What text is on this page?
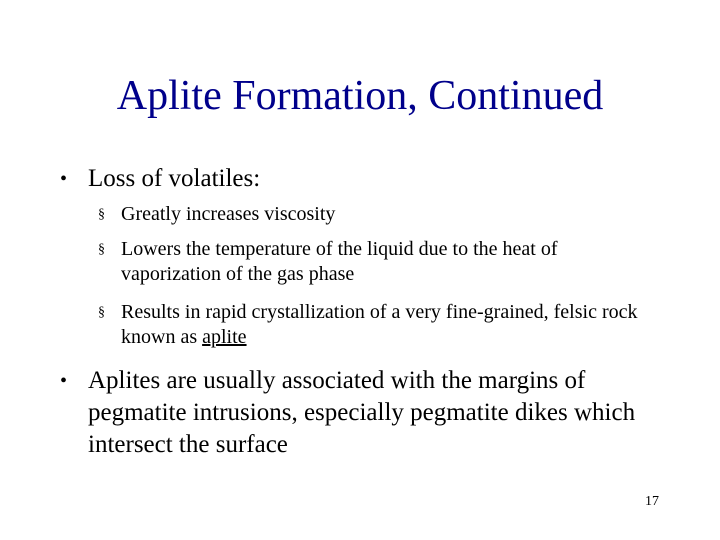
Aplite Formation, Continued
• Loss of volatiles:
§ Greatly increases viscosity
§ Lowers the temperature of the liquid due to the heat of vaporization of the gas phase
§ Results in rapid crystallization of a very fine-grained, felsic rock known as aplite
• Aplites are usually associated with the margins of pegmatite intrusions, especially pegmatite dikes which intersect the surface
17
